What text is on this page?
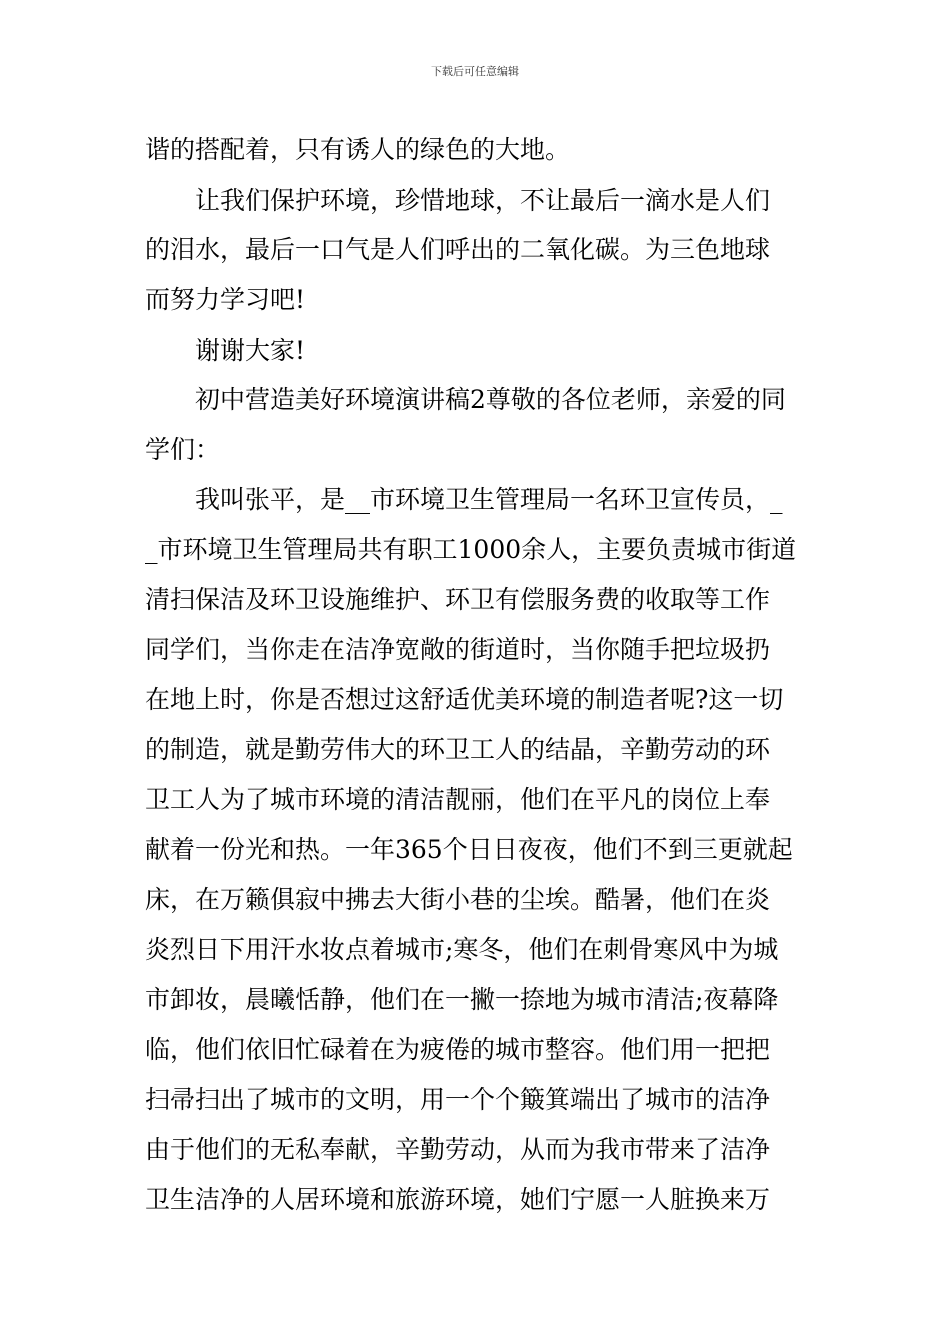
下载后可任意编辑
谐的搭配着，只有诱人的绿色的大地。
让我们保护环境，珍惜地球，不让最后一滴水是人们
的泪水，最后一口气是人们呼出的二氧化碳。为三色地球
而努力学习吧!
谢谢大家!
初中营造美好环境演讲稿2尊敬的各位老师，亲爱的同
学们：
我叫张平，是__市环境卫生管理局一名环卫宣传员，_
_市环境卫生管理局共有职工1000余人，主要负责城市街道
清扫保洁及环卫设施维护、环卫有偿服务费的收取等工作
同学们，当你走在洁净宽敞的街道时，当你随手把垃圾扔
在地上时，你是否想过这舒适优美环境的制造者呢?这一切
的制造，就是勤劳伟大的环卫工人的结晶，辛勤劳动的环
卫工人为了城市环境的清洁靓丽，他们在平凡的岗位上奉
献着一份光和热。一年365个日日夜夜，他们不到三更就起
床，在万籁俱寂中拂去大街小巷的尘埃。酷暑，他们在炎
炎烈日下用汗水妆点着城市;寒冬，他们在刺骨寒风中为城
市卸妆，晨曦恬静，他们在一撇一捺地为城市清洁;夜幕降
临，他们依旧忙碌着在为疲倦的城市整容。他们用一把把
扫帚扫出了城市的文明，用一个个簸箕端出了城市的洁净
由于他们的无私奉献，辛勤劳动，从而为我市带来了洁净
卫生洁净的人居环境和旅游环境，她们宁愿一人脏换来万
